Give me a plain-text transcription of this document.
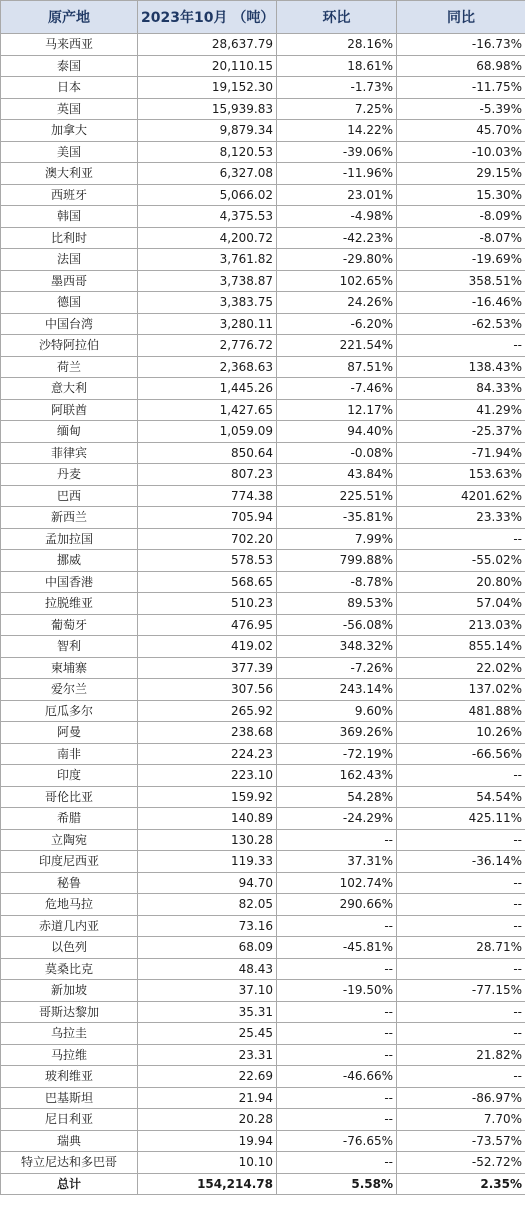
原产地	2023年10月 （吨）	环比	同比
马来西亚	28,637.79	28.16%	-16.73%
泰国	20,110.15	18.61%	68.98%
日本	19,152.30	-1.73%	-11.75%
英国	15,939.83	7.25%	-5.39%
加拿大	9,879.34	14.22%	45.70%
美国	8,120.53	-39.06%	-10.03%
澳大利亚	6,327.08	-11.96%	29.15%
西班牙	5,066.02	23.01%	15.30%
韩国	4,375.53	-4.98%	-8.09%
比利时	4,200.72	-42.23%	-8.07%
法国	3,761.82	-29.80%	-19.69%
墨西哥	3,738.87	102.65%	358.51%
德国	3,383.75	24.26%	-16.46%
中国台湾	3,280.11	-6.20%	-62.53%
沙特阿拉伯	2,776.72	221.54%	--
荷兰	2,368.63	87.51%	138.43%
意大利	1,445.26	-7.46%	84.33%
阿联酋	1,427.65	12.17%	41.29%
缅甸	1,059.09	94.40%	-25.37%
菲律宾	850.64	-0.08%	-71.94%
丹麦	807.23	43.84%	153.63%
巴西	774.38	225.51%	4201.62%
新西兰	705.94	-35.81%	23.33%
孟加拉国	702.20	7.99%	--
挪威	578.53	799.88%	-55.02%
中国香港	568.65	-8.78%	20.80%
拉脱维亚	510.23	89.53%	57.04%
葡萄牙	476.95	-56.08%	213.03%
智利	419.02	348.32%	855.14%
柬埔寨	377.39	-7.26%	22.02%
爱尔兰	307.56	243.14%	137.02%
厄瓜多尔	265.92	9.60%	481.88%
阿曼	238.68	369.26%	10.26%
南非	224.23	-72.19%	-66.56%
印度	223.10	162.43%	--
哥伦比亚	159.92	54.28%	54.54%
希腊	140.89	-24.29%	425.11%
立陶宛	130.28	--	--
印度尼西亚	119.33	37.31%	-36.14%
秘鲁	94.70	102.74%	--
危地马拉	82.05	290.66%	--
赤道几内亚	73.16	--	--
以色列	68.09	-45.81%	28.71%
莫桑比克	48.43	--	--
新加坡	37.10	-19.50%	-77.15%
哥斯达黎加	35.31	--	--
乌拉圭	25.45	--	--
马拉维	23.31	--	21.82%
玻利维亚	22.69	-46.66%	--
巴基斯坦	21.94	--	-86.97%
尼日利亚	20.28	--	7.70%
瑞典	19.94	-76.65%	-73.57%
特立尼达和多巴哥	10.10	--	-52.72%
总计	154,214.78	5.58%	2.35%
